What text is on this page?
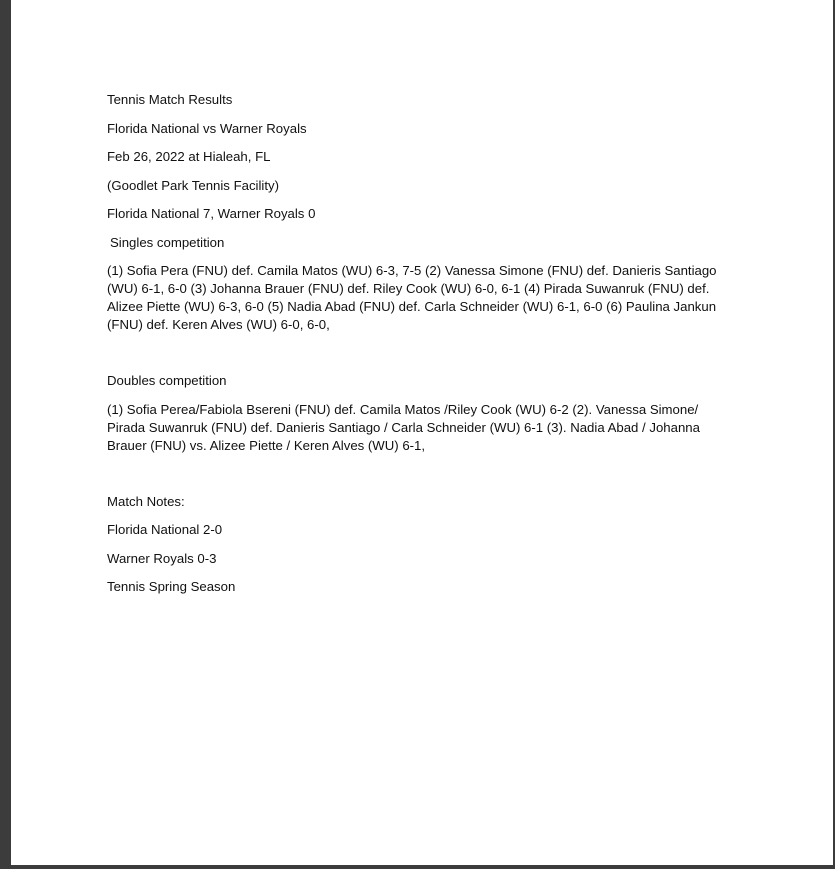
Tennis Match Results

Florida National vs Warner Royals

Feb 26, 2022 at Hialeah, FL

(Goodlet Park Tennis Facility)

Florida National 7, Warner Royals 0

Singles competition

(1) Sofia Pera (FNU) def. Camila Matos (WU) 6-3, 7-5 (2) Vanessa Simone (FNU) def. Danieris Santiago

(WU) 6-1, 6-0 (3) Johanna Brauer (FNU) def. Riley Cook (WU) 6-0, 6-1 (4) Pirada Suwanruk (FNU) def.

Alizee Piette (WU) 6-3, 6-0 (5) Nadia Abad (FNU) def. Carla Schneider (WU) 6-1, 6-0 (6) Paulina Jankun

(FNU) def. Keren Alves (WU) 6-0, 6-0,

Doubles competition

(1) Sofia Perea/Fabiola Bsereni (FNU) def. Camila Matos /Riley Cook (WU) 6-2 (2). Vanessa Simone/

Pirada Suwanruk (FNU) def. Danieris Santiago / Carla Schneider (WU) 6-1 (3). Nadia Abad / Johanna

Brauer (FNU) vs. Alizee Piette / Keren Alves (WU) 6-1,

Match Notes:

Florida National 2-0

Warner Royals 0-3

Tennis Spring Season
